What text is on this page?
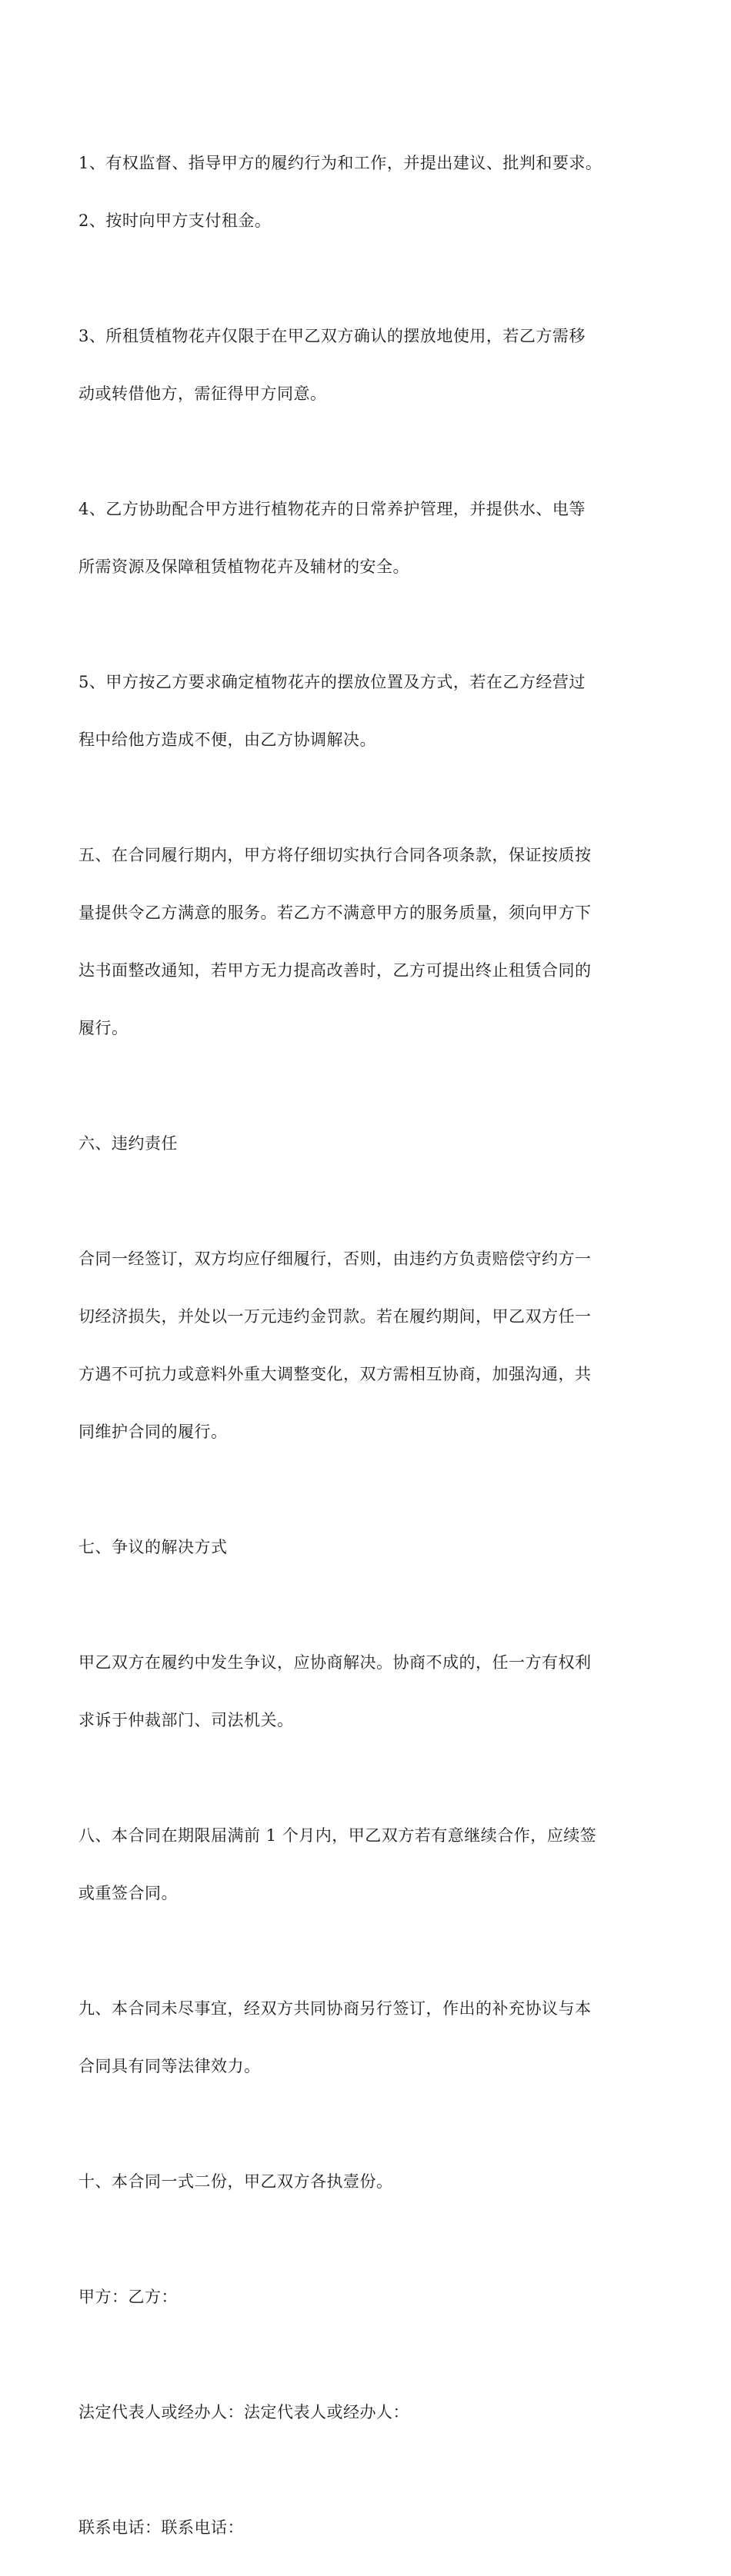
1、有权监督、指导甲方的履约行为和工作，并提出建议、批判和要求。

2、按时向甲方支付租金。

3、所租赁植物花卉仅限于在甲乙双方确认的摆放地使用，若乙方需移

动或转借他方，需征得甲方同意。

4、乙方协助配合甲方进行植物花卉的日常养护管理，并提供水、电等

所需资源及保障租赁植物花卉及辅材的安全。

5、甲方按乙方要求确定植物花卉的摆放位置及方式，若在乙方经营过

程中给他方造成不便，由乙方协调解决。

五、在合同履行期内，甲方将仔细切实执行合同各项条款，保证按质按

量提供令乙方满意的服务。若乙方不满意甲方的服务质量，须向甲方下

达书面整改通知，若甲方无力提高改善时，乙方可提出终止租赁合同的

履行。

六、违约责任

合同一经签订，双方均应仔细履行，否则，由违约方负责赔偿守约方一

切经济损失，并处以一万元违约金罚款。若在履约期间，甲乙双方任一

方遇不可抗力或意料外重大调整变化，双方需相互协商，加强沟通，共

同维护合同的履行。

七、争议的解决方式

甲乙双方在履约中发生争议，应协商解决。协商不成的，任一方有权利

求诉于仲裁部门、司法机关。

八、本合同在期限届满前 1 个月内，甲乙双方若有意继续合作，应续签

或重签合同。

九、本合同未尽事宜，经双方共同协商另行签订，作出的补充协议与本

合同具有同等法律效力。

十、本合同一式二份，甲乙双方各执壹份。

甲方：乙方：

法定代表人或经办人：法定代表人或经办人：

联系电话：联系电话：
